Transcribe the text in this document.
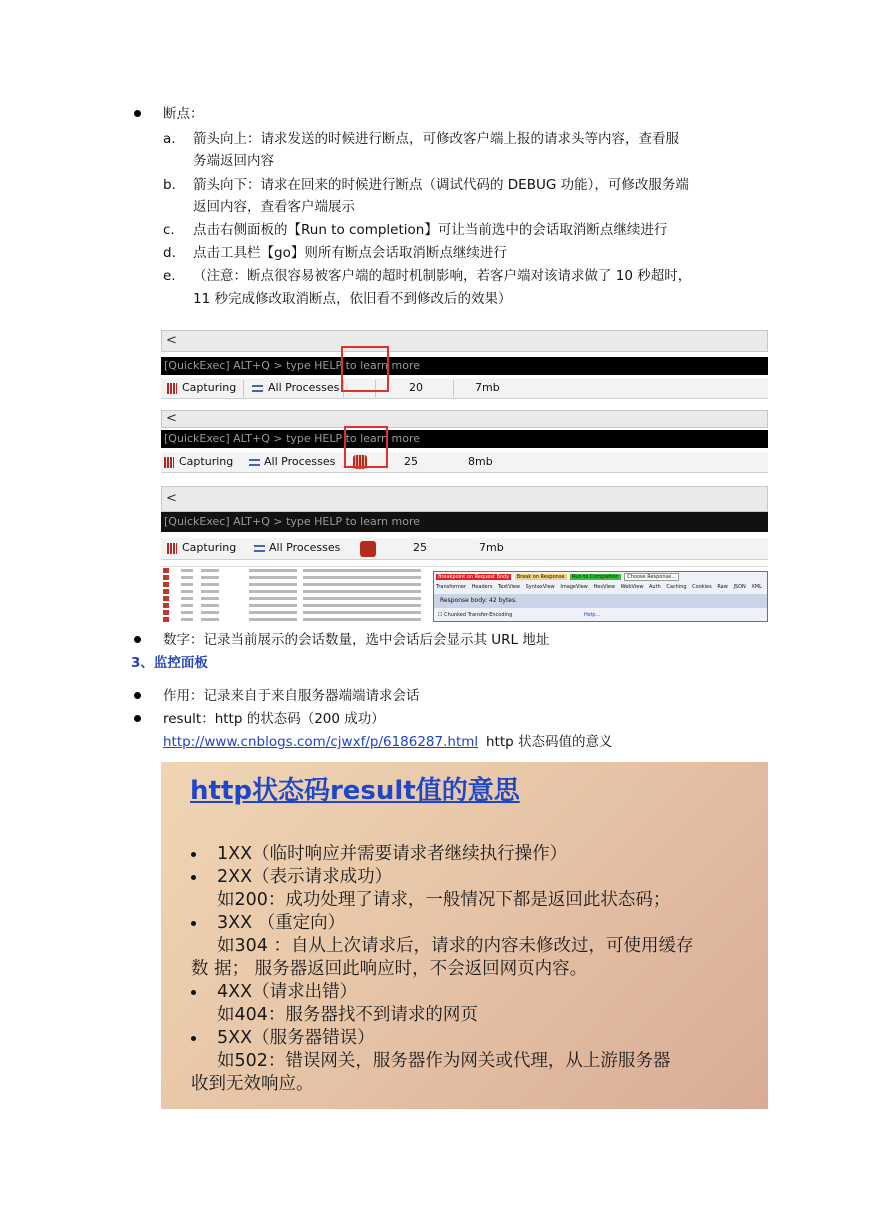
断点：
a. 箭头向上：请求发送的时候进行断点，可修改客户端上报的请求头等内容，查看服
务端返回内容
b. 箭头向下：请求在回来的时候进行断点（调试代码的 DEBUG 功能），可修改服务端
返回内容，查看客户端展示
c. 点击右侧面板的【Run to completion】可让当前选中的会话取消断点继续进行
d. 点击工具栏【go】则所有断点会话取消断点继续进行
e. （注意：断点很容易被客户端的超时机制影响，若客户端对该请求做了 10 秒超时，
11 秒完成修改取消断点，依旧看不到修改后的效果）
<
[QuickExec] ALT+Q > type HELP to learn more
Capturing	All Processes	20	7mb
<
[QuickExec] ALT+Q > type HELP to learn more
Capturing	All Processes	25	8mb
<
[QuickExec] ALT+Q > type HELP to learn more
Capturing	All Processes	25	7mb
Breakpoint on Request Body Break on Response Run to Completion Choose Response...
Transformer Headers TextView SyntaxView ImageView HexView WebView Auth Caching Cookies Raw JSON XML
Response body: 42 bytes.
☐ Chunked Transfer-Encoding	Help...
数字：记录当前展示的会话数量，选中会话后会显示其 URL 地址
3、监控面板
作用：记录来自于来自服务器端端请求会话
result：http 的状态码（200 成功）
http://www.cnblogs.com/cjwxf/p/6186287.html http 状态码值的意义
http状态码result值的意思
1XX（临时响应并需要请求者继续执行操作）
2XX（表示请求成功）
如200：成功处理了请求，一般情况下都是返回此状态码；
3XX （重定向）
如304 ：自从上次请求后，请求的内容未修改过，可使用缓存
数 据； 服务器返回此响应时，不会返回网页内容。
4XX（请求出错）
如404：服务器找不到请求的网页
5XX（服务器错误）
如502：错误网关，服务器作为网关或代理，从上游服务器
收到无效响应。
